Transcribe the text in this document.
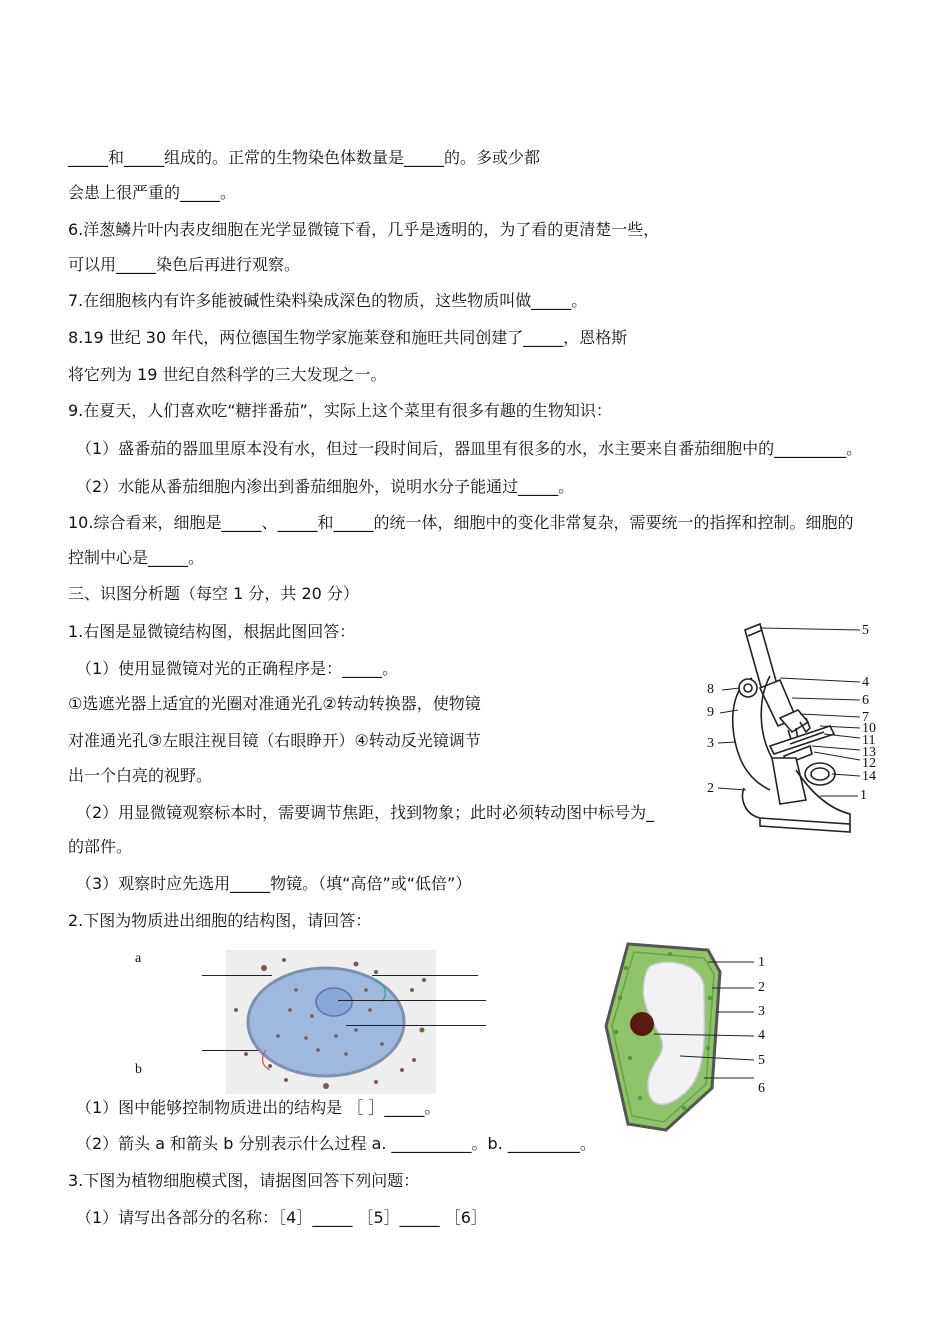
_____和_____组成的。正常的生物染色体数量是_____的。多或少都
会患上很严重的_____。
6.洋葱鳞片叶内表皮细胞在光学显微镜下看，几乎是透明的，为了看的更清楚一些，
可以用_____染色后再进行观察。
7.在细胞核内有许多能被碱性染料染成深色的物质，这些物质叫做_____。
8.19 世纪 30 年代，两位德国生物学家施莱登和施旺共同创建了_____，恩格斯
将它列为 19 世纪自然科学的三大发现之一。
9.在夏天，人们喜欢吃“糖拌番茄”，实际上这个菜里有很多有趣的生物知识：
（1）盛番茄的器皿里原本没有水，但过一段时间后，器皿里有很多的水，水主要来自番茄细胞中的_________。
（2）水能从番茄细胞内渗出到番茄细胞外，说明水分子能通过_____。
10.综合看来，细胞是_____、_____和_____的统一体，细胞中的变化非常复杂，需要统一的指挥和控制。细胞的
控制中心是_____。
三、识图分析题（每空 1 分，共 20 分）
1.右图是显微镜结构图，根据此图回答：
（1）使用显微镜对光的正确程序是：_____。
①选遮光器上适宜的光圈对准通光孔②转动转换器，使物镜
对准通光孔③左眼注视目镜（右眼睁开）④转动反光镜调节
出一个白亮的视野。
（2）用显微镜观察标本时，需要调节焦距，找到物象；此时必须转动图中标号为_
的部件。
（3）观察时应先选用_____物镜。（填“高倍”或“低倍”）
2.下图为物质进出细胞的结构图，请回答：
（1）图中能够控制物质进出的结构是 ［ ］_____。
（2）箭头 a 和箭头 b 分别表示什么过程 a. __________。b. _________。
3.下图为植物细胞模式图，请据图回答下列问题：
（1）请写出各部分的名称：［4］_____ ［5］_____ ［6］
5
4
6
7
10
11
13
12
14
1
8
9
3
2
a
b
1
2
3
4
5
6
